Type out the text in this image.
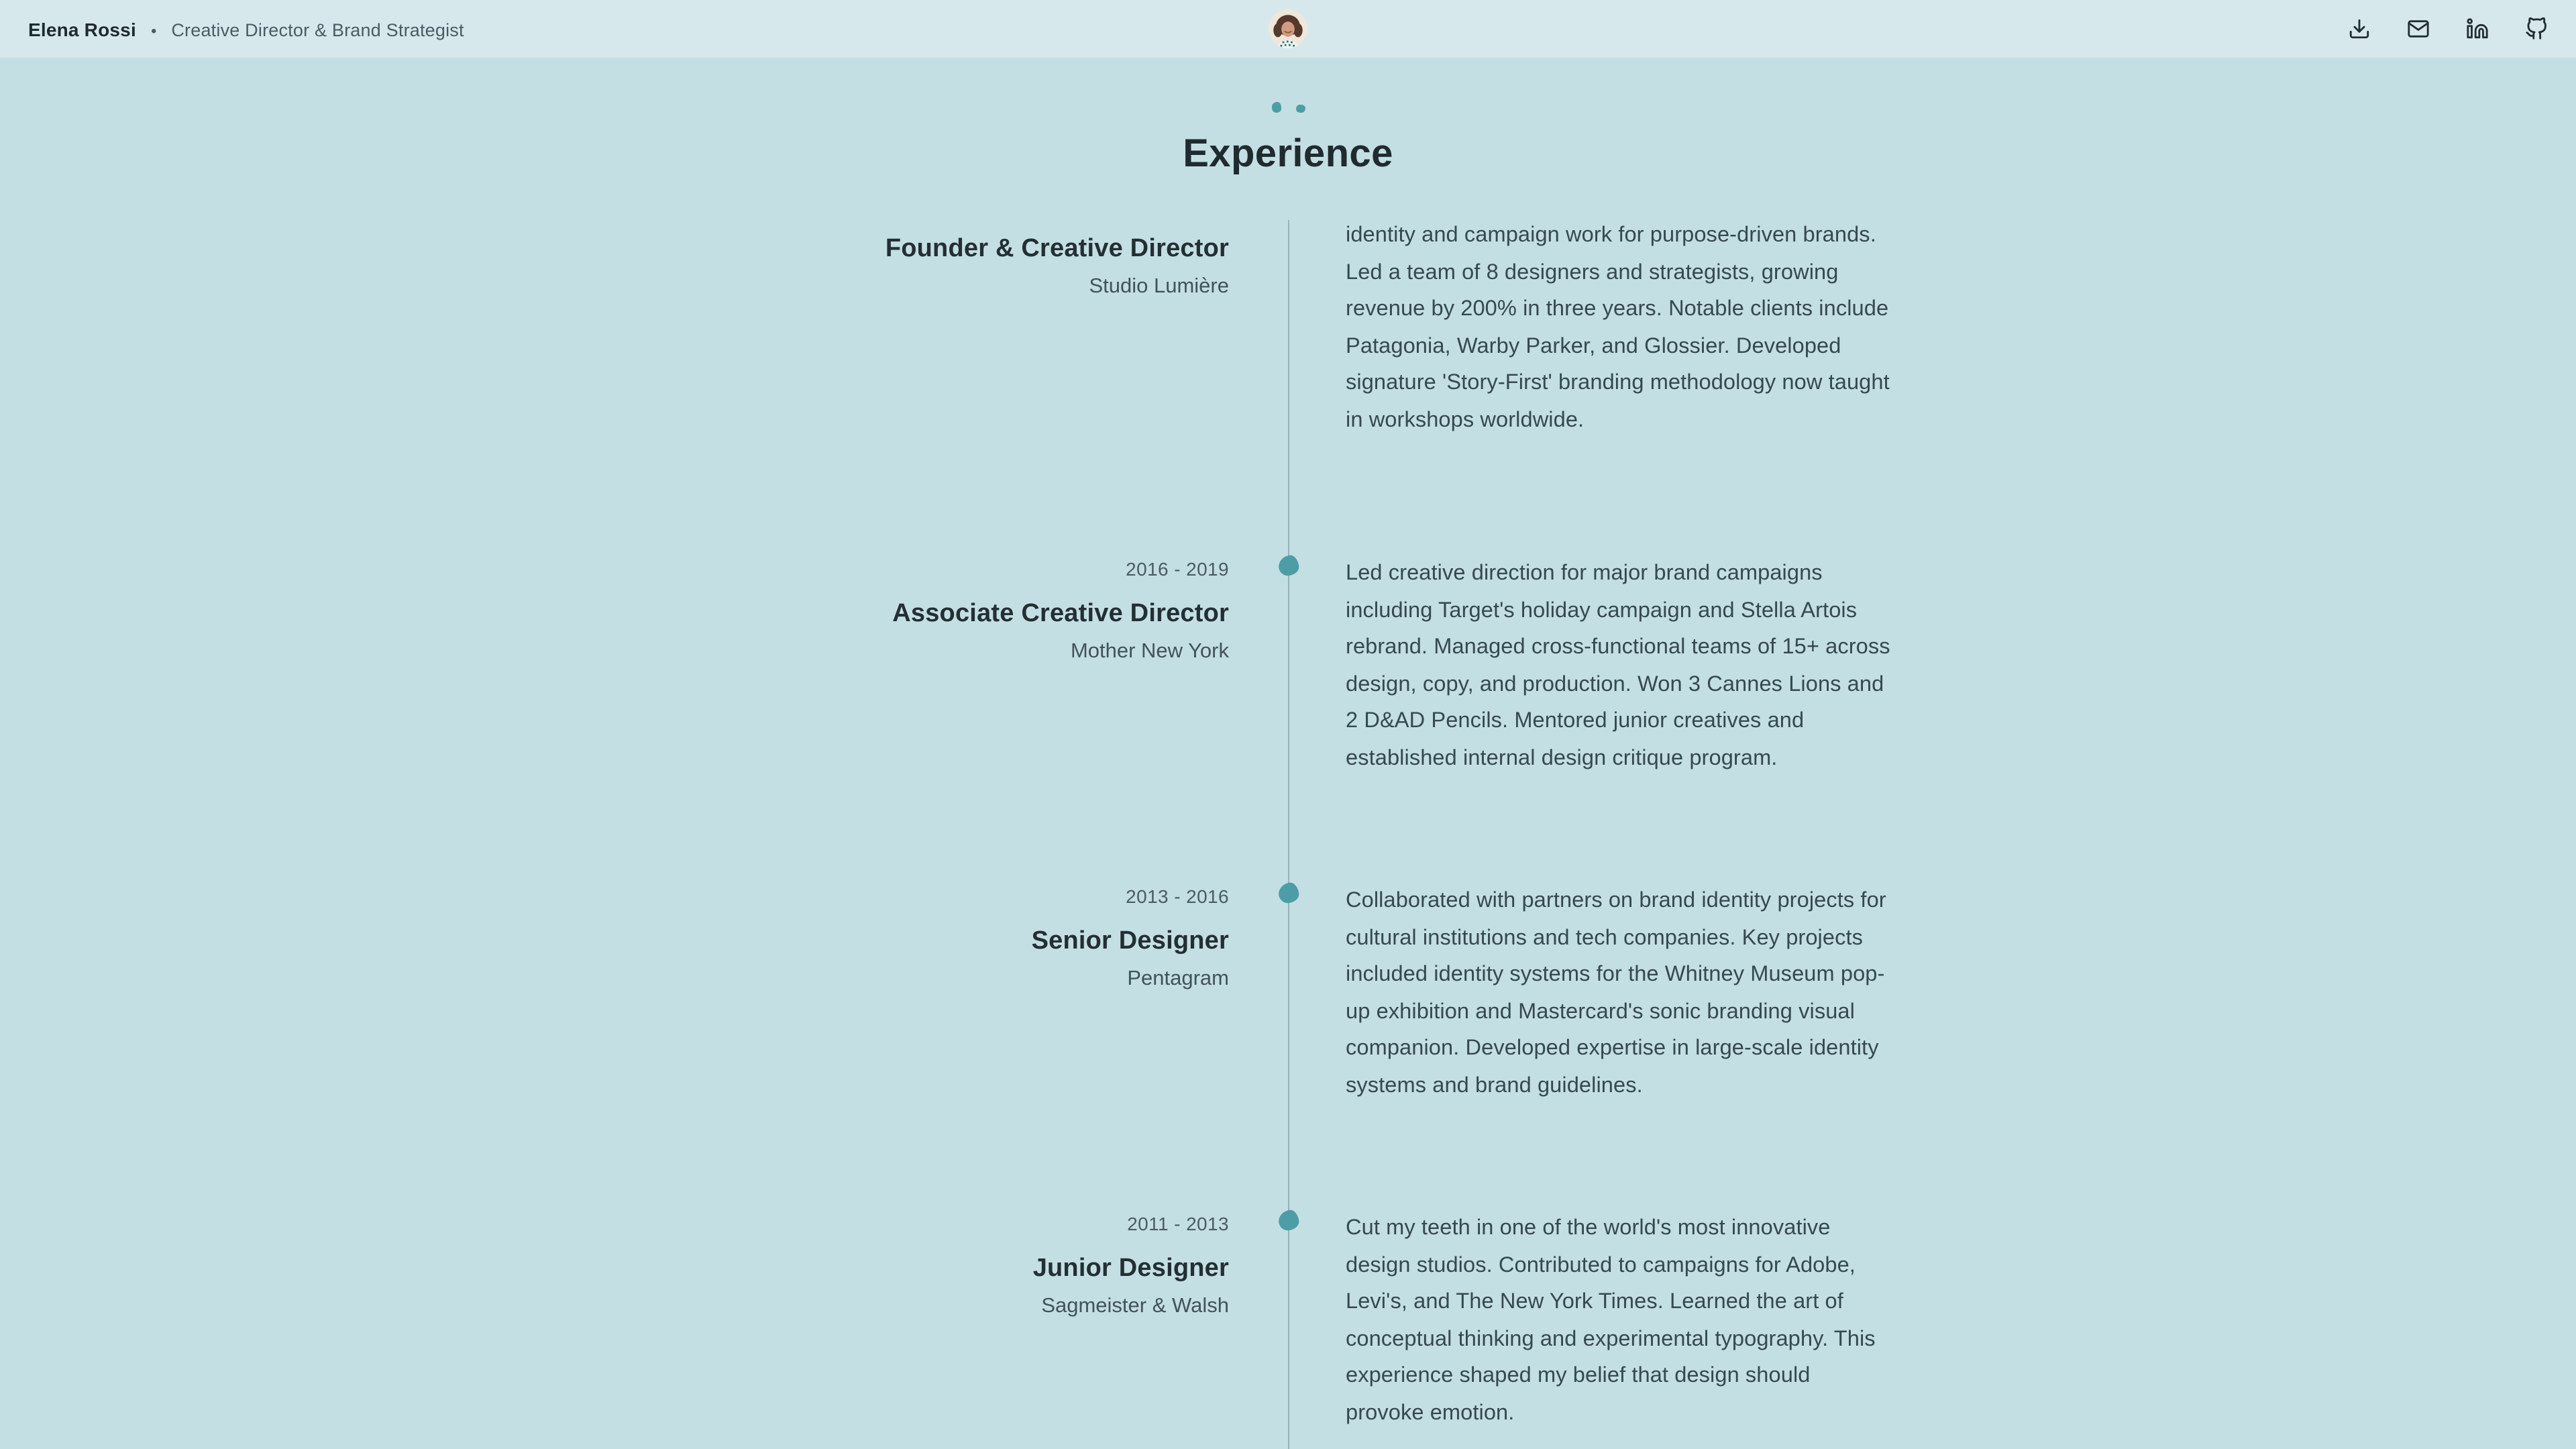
Elena Rossi • Creative Director & Brand Strategist
Experience
Founder & Creative Director
Studio Lumière

identity and campaign work for purpose-driven brands. Led a team of 8 designers and strategists, growing revenue by 200% in three years. Notable clients include Patagonia, Warby Parker, and Glossier. Developed signature 'Story-First' branding methodology now taught in workshops worldwide.

2016 - 2019
Associate Creative Director
Mother New York

Led creative direction for major brand campaigns including Target's holiday campaign and Stella Artois rebrand. Managed cross-functional teams of 15+ across design, copy, and production. Won 3 Cannes Lions and 2 D&AD Pencils. Mentored junior creatives and established internal design critique program.

2013 - 2016
Senior Designer
Pentagram

Collaborated with partners on brand identity projects for cultural institutions and tech companies. Key projects included identity systems for the Whitney Museum pop-up exhibition and Mastercard's sonic branding visual companion. Developed expertise in large-scale identity systems and brand guidelines.

2011 - 2013
Junior Designer
Sagmeister & Walsh

Cut my teeth in one of the world's most innovative design studios. Contributed to campaigns for Adobe, Levi's, and The New York Times. Learned the art of conceptual thinking and experimental typography. This experience shaped my belief that design should provoke emotion.
